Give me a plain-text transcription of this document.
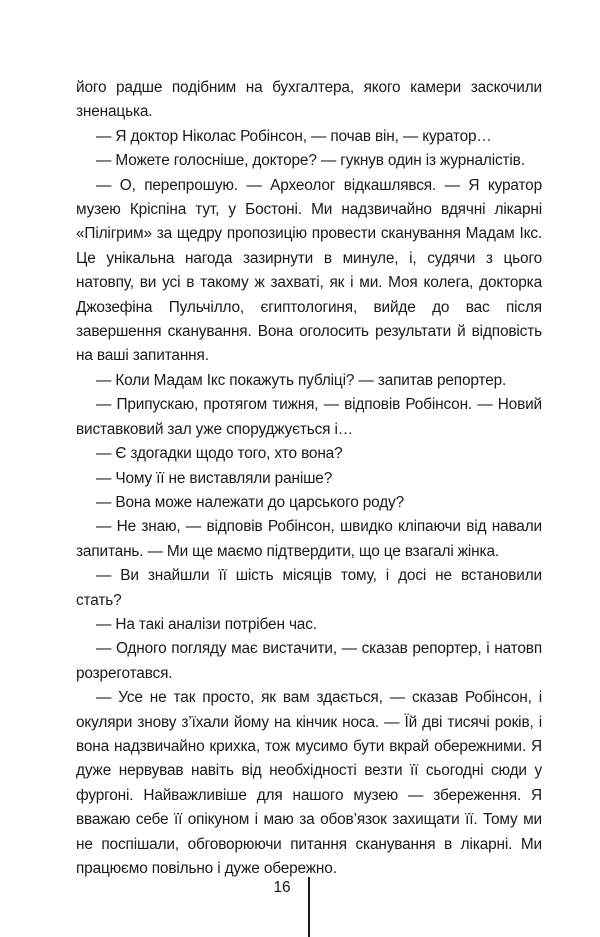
його радше подібним на бухгалтера, якого камери заскочили зненацька.

— Я доктор Ніколас Робінсон, — почав він, — куратор…

— Можете голосніше, докторе? — гукнув один із журналістів.

— О, перепрошую. — Археолог відкашлявся. — Я куратор музею Кріспіна тут, у Бостоні. Ми надзвичайно вдячні лікарні «Пілігрим» за щедру пропозицію провести сканування Мадам Ікс. Це унікальна нагода зазирнути в минуле, і, судячи з цього натовпу, ви усі в такому ж захваті, як і ми. Моя колега, докторка Джозефіна Пульчілло, єгиптологиня, вийде до вас після завершення сканування. Вона оголосить результати й відповість на ваші запитання.

— Коли Мадам Ікс покажуть публіці? — запитав репортер.

— Припускаю, протягом тижня, — відповів Робінсон. — Новий виставковий зал уже споруджується і…

— Є здогадки щодо того, хто вона?

— Чому її не виставляли раніше?

— Вона може належати до царського роду?

— Не знаю, — відповів Робінсон, швидко кліпаючи від навали запитань. — Ми ще маємо підтвердити, що це взагалі жінка.

— Ви знайшли її шість місяців тому, і досі не встановили стать?

— На такі аналізи потрібен час.

— Одного погляду має вистачити, — сказав репортер, і натовп розреготався.

— Усе не так просто, як вам здається, — сказав Робінсон, і окуляри знову з’їхали йому на кінчик носа. — Їй дві тисячі років, і вона надзвичайно крихка, тож мусимо бути вкрай обережними. Я дуже нервував навіть від необхідності везти її сьогодні сюди у фургоні. Найважливіше для нашого музею — збереження. Я вважаю себе її опікуном і маю за обов’язок захищати її. Тому ми не поспішали, обговорюючи питання сканування в лікарні. Ми працюємо повільно і дуже обережно.

16
